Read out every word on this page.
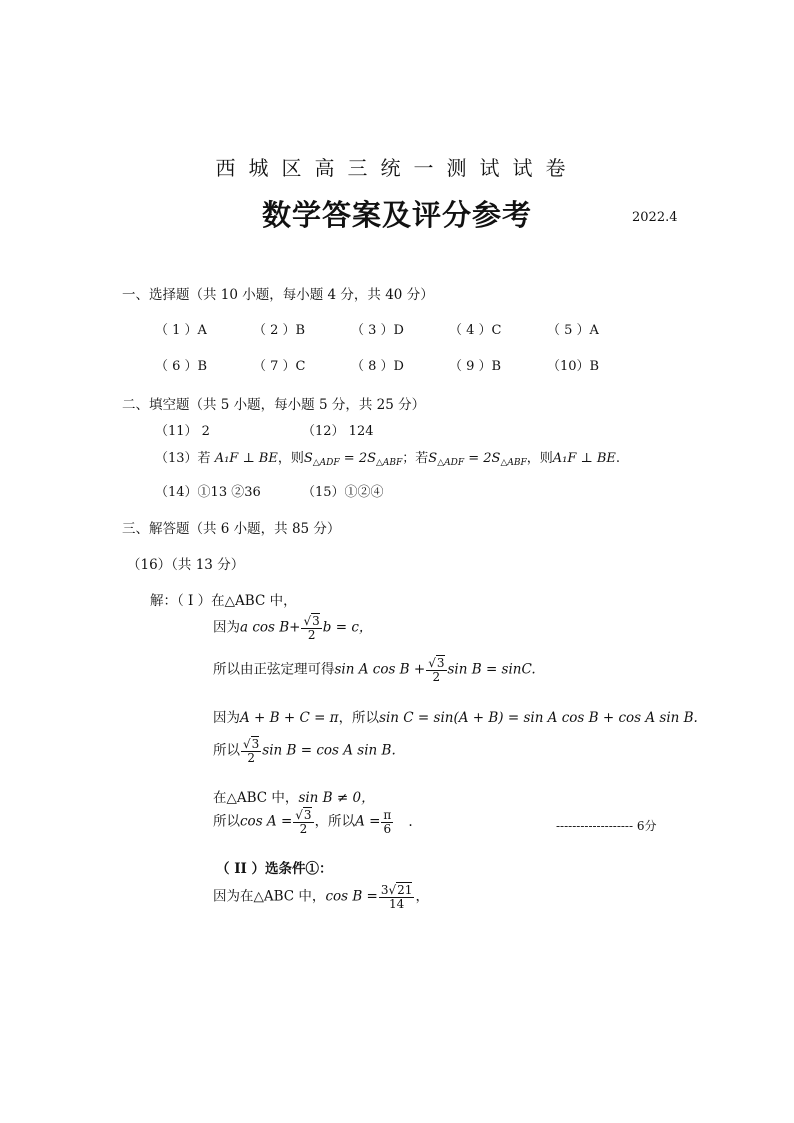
西城区高三统一测试试卷
数学答案及评分参考	2022.4
一、选择题（共 10 小题，每小题 4 分，共 40 分）
（ 1 ）A	（ 2 ）B	（ 3 ）D	（ 4 ）C	（ 5 ）A
（ 6 ）B	（ 7 ）C	（ 8 ）D	（ 9 ）B	（10）B
二、填空题（共 5 小题，每小题 5 分，共 25 分）
（11） 2	（12） 124
（13）若 A₁F ⊥ BE，则$S_{\triangle ADF} = 2S_{\triangle ABF}$；若$S_{\triangle ADF} = 2S_{\triangle ABF}$，则A₁F ⊥ BE.
（14）①13 ②36	（15）①②④
三、解答题（共 6 小题，共 85 分）
（16）（共 13 分）
解：（ I ）在△ABC 中，
因为a $\cos B+ \frac{√3}{2}$ b = c，
所以由正弦定理可得sin A $\cos B + \frac{√3}{2}$ sin B = sinC.
因为A + B + C = π，所以sin C = sin(A + B) = sin A cos B + cos A sin B.
所以 $\frac{√3}{2}$ sin B = cos A sin B.
在△ABC 中，sin B ≠ 0，
所以$\cos A = \frac{√3}{2}$ ，所以$A = \frac{\pi}{6}$ .	------------------- 6分
（ II ）选条件①：
因为在△ABC 中，$\cos B = \frac{3√21}{14}$ ，
